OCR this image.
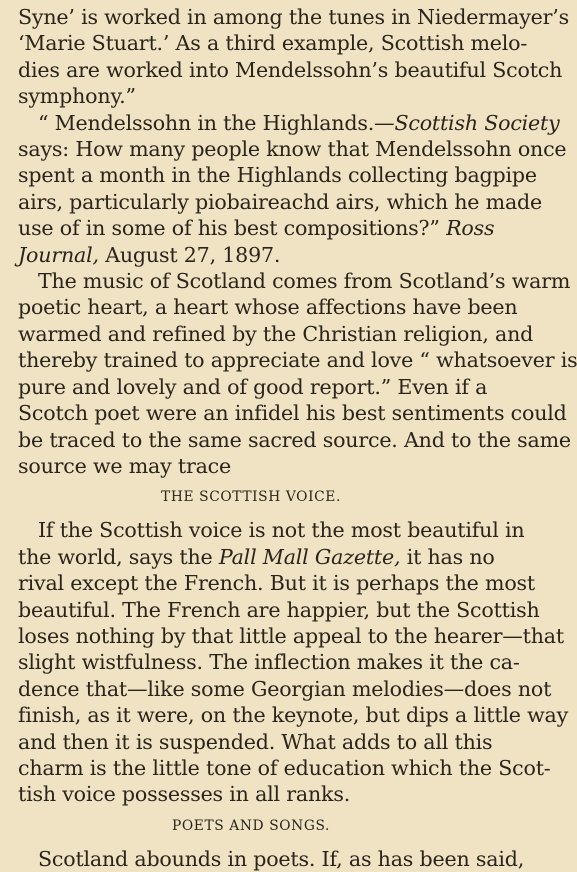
Syne’ is worked in among the tunes in Niedermayer’s
‘Marie Stuart.’ As a third example, Scottish melo-
dies are worked into Mendelssohn’s beautiful Scotch
symphony.”
“ Mendelssohn in the Highlands.—Scottish Society
says: How many people know that Mendelssohn once
spent a month in the Highlands collecting bagpipe
airs, particularly piobaireachd airs, which he made
use of in some of his best compositions?” Ross
Journal, August 27, 1897.
The music of Scotland comes from Scotland’s warm
poetic heart, a heart whose affections have been
warmed and refined by the Christian religion, and
thereby trained to appreciate and love “ whatsoever is
pure and lovely and of good report.” Even if a
Scotch poet were an infidel his best sentiments could
be traced to the same sacred source. And to the same
source we may trace
THE SCOTTISH VOICE.
If the Scottish voice is not the most beautiful in
the world, says the Pall Mall Gazette, it has no
rival except the French. But it is perhaps the most
beautiful. The French are happier, but the Scottish
loses nothing by that little appeal to the hearer—that
slight wistfulness. The inflection makes it the ca-
dence that—like some Georgian melodies—does not
finish, as it were, on the keynote, but dips a little way
and then it is suspended. What adds to all this
charm is the little tone of education which the Scot-
tish voice possesses in all ranks.
POETS AND SONGS.
Scotland abounds in poets. If, as has been said,
